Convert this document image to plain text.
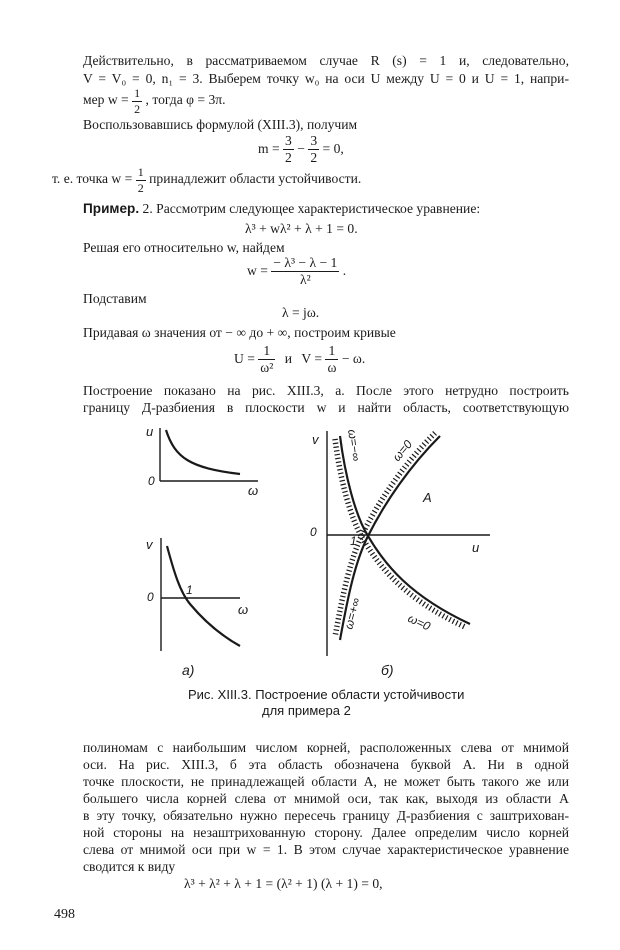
Действительно, в рассматриваемом случае R (s) = 1 и, следовательно,
V = V₀ = 0, n₁ = 3. Выберем точку w₀ на оси U между U = 0 и U = 1, напри-
мер $w = \frac{1}{2}$ , тогда φ = 3π.
Воспользовавшись формулой (XIII.3), получим
$m = \frac{3}{2} - \frac{3}{2} = 0$,
т. е. точка $w = \frac{1}{2}$ принадлежит области устойчивости.
Пример. 2. Рассмотрим следующее характеристическое уравнение:
λ³ + wλ² + λ + 1 = 0.
Решая его относительно w, найдем
$w = \frac{\text{− λ³ − λ − 1}}{\text{λ²}}$ .
Подставим
λ = jω.
Придавая ω значения от − ∞ до + ∞, построим кривые
$U = \frac{1}{\text{ω²}}$ и $V = \frac{1}{\omega} - \omega$.
Построение показано на рис. XIII.3, а. После этого нетрудно построить
границу Д-разбиения в плоскости w и найти область, соответствующую
u
0
ω
v
0	1
ω
а)
v
0
u
1
A
ω=−∞ ω=0
ω=+∞	ω=0
б)
Рис. XIII.3. Построение области устойчивости
для примера 2
полиномам с наибольшим числом корней, расположенных слева от мнимой
оси. На рис. XIII.3, б эта область обозначена буквой А. Ни в одной
точке плоскости, не принадлежащей области А, не может быть такого же или
большего числа корней слева от мнимой оси, так как, выходя из области А
в эту точку, обязательно нужно пересечь границу Д-разбиения с заштрихован-
ной стороны на незаштрихованную сторону. Далее определим число корней
слева от мнимой оси при w = 1. В этом случае характеристическое уравнение
сводится к виду
λ³ + λ² + λ + 1 = (λ² + 1) (λ + 1) = 0,
498
